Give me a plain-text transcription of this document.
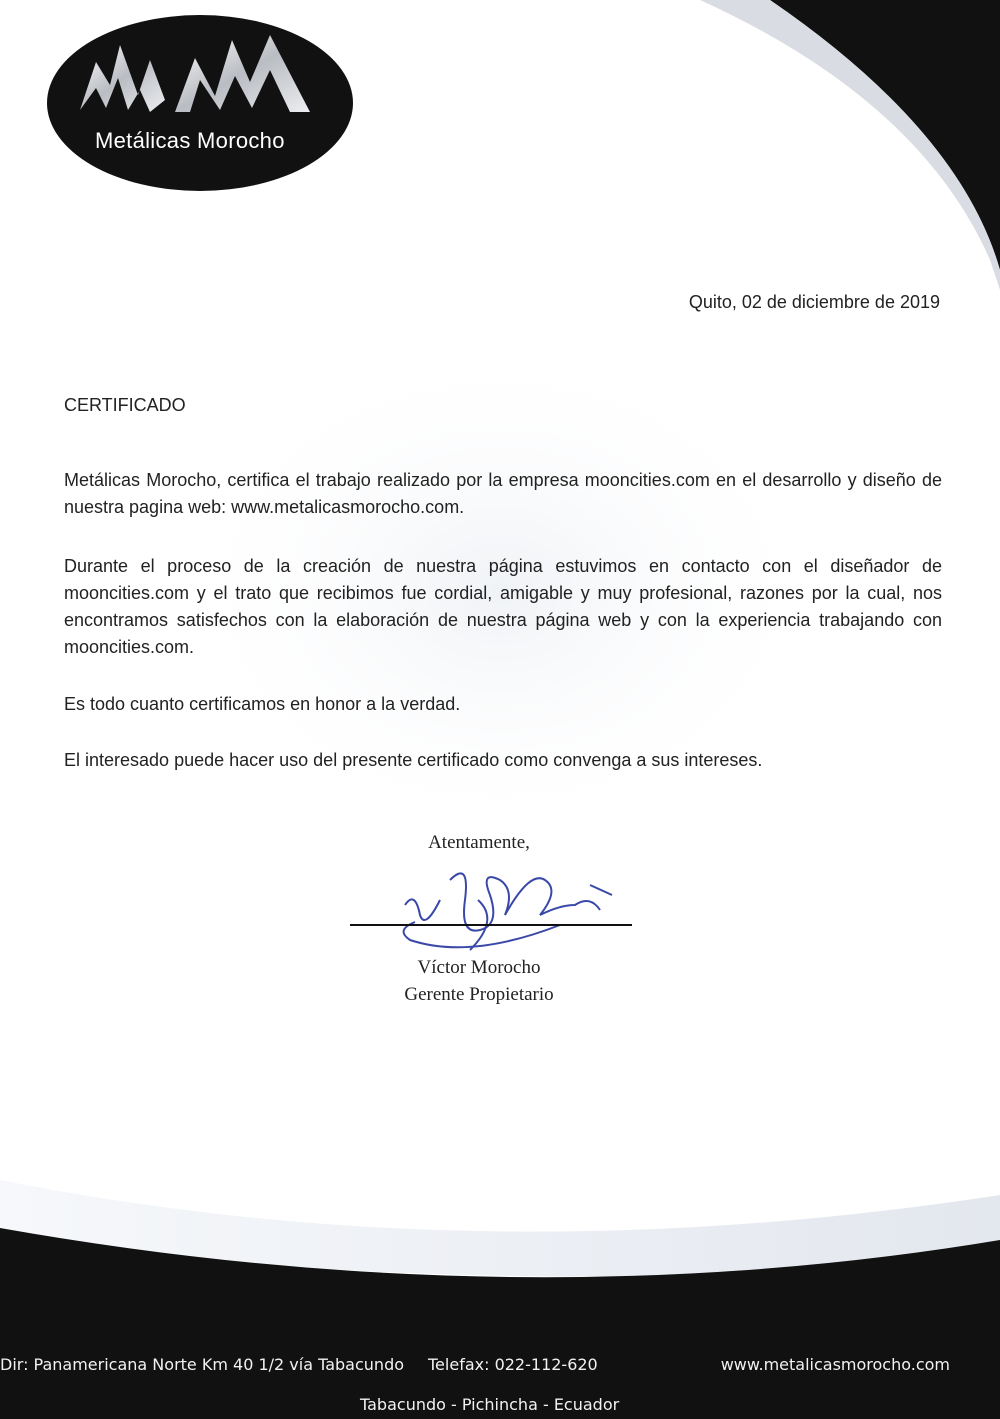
Metálicas Morocho
Quito, 02 de diciembre de 2019
CERTIFICADO

Metálicas Morocho, certifica el trabajo realizado por la empresa mooncities.com en el desarrollo y diseño de nuestra pagina web: www.metalicasmorocho.com.

Durante el proceso de la creación de nuestra página estuvimos en contacto con el diseñador de mooncities.com y el trato que recibimos fue cordial, amigable y muy profesional, razones por la cual, nos encontramos satisfechos con la elaboración de nuestra página web y con la experiencia trabajando con mooncities.com.

Es todo cuanto certificamos en honor a la verdad.

El interesado puede hacer uso del presente certificado como convenga a sus intereses.

Atentamente,
Víctor Morocho
Gerente Propietario
Dir: Panamericana Norte Km 40 1/2 vía Tabacundo Telefax: 022-112-620	www.metalicasmorocho.com
Tabacundo - Pichincha - Ecuador
